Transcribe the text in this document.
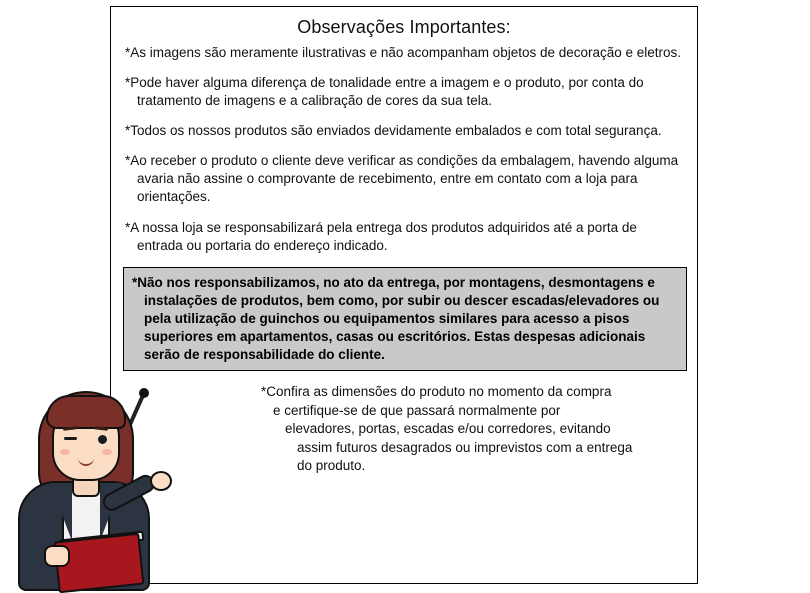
Observações Importantes:

*As imagens são meramente ilustrativas e não acompanham objetos de decoração e eletros.

*Pode haver alguma diferença de tonalidade entre a imagem e o produto, por conta do tratamento de imagens e a calibração de cores da sua tela.

*Todos os nossos produtos são enviados devidamente embalados e com total segurança.

*Ao receber o produto o cliente deve verificar as condições da embalagem, havendo alguma avaria não assine o comprovante de recebimento, entre em contato com a loja para orientações.

*A nossa loja se responsabilizará pela entrega dos produtos adquiridos até a porta de entrada ou portaria do endereço indicado.

*Não nos responsabilizamos, no ato da entrega, por montagens, desmontagens e instalações de produtos, bem como, por subir ou descer escadas/elevadores ou pela utilização de guinchos ou equipamentos similares para acesso a pisos superiores em apartamentos, casas ou escritórios. Estas despesas adicionais serão de responsabilidade do cliente.
*Confira as dimensões do produto no momento da compra
e certifique-se de que passará normalmente por
elevadores, portas, escadas e/ou corredores, evitando
assim futuros desagrados ou imprevistos com a entrega
do produto.
